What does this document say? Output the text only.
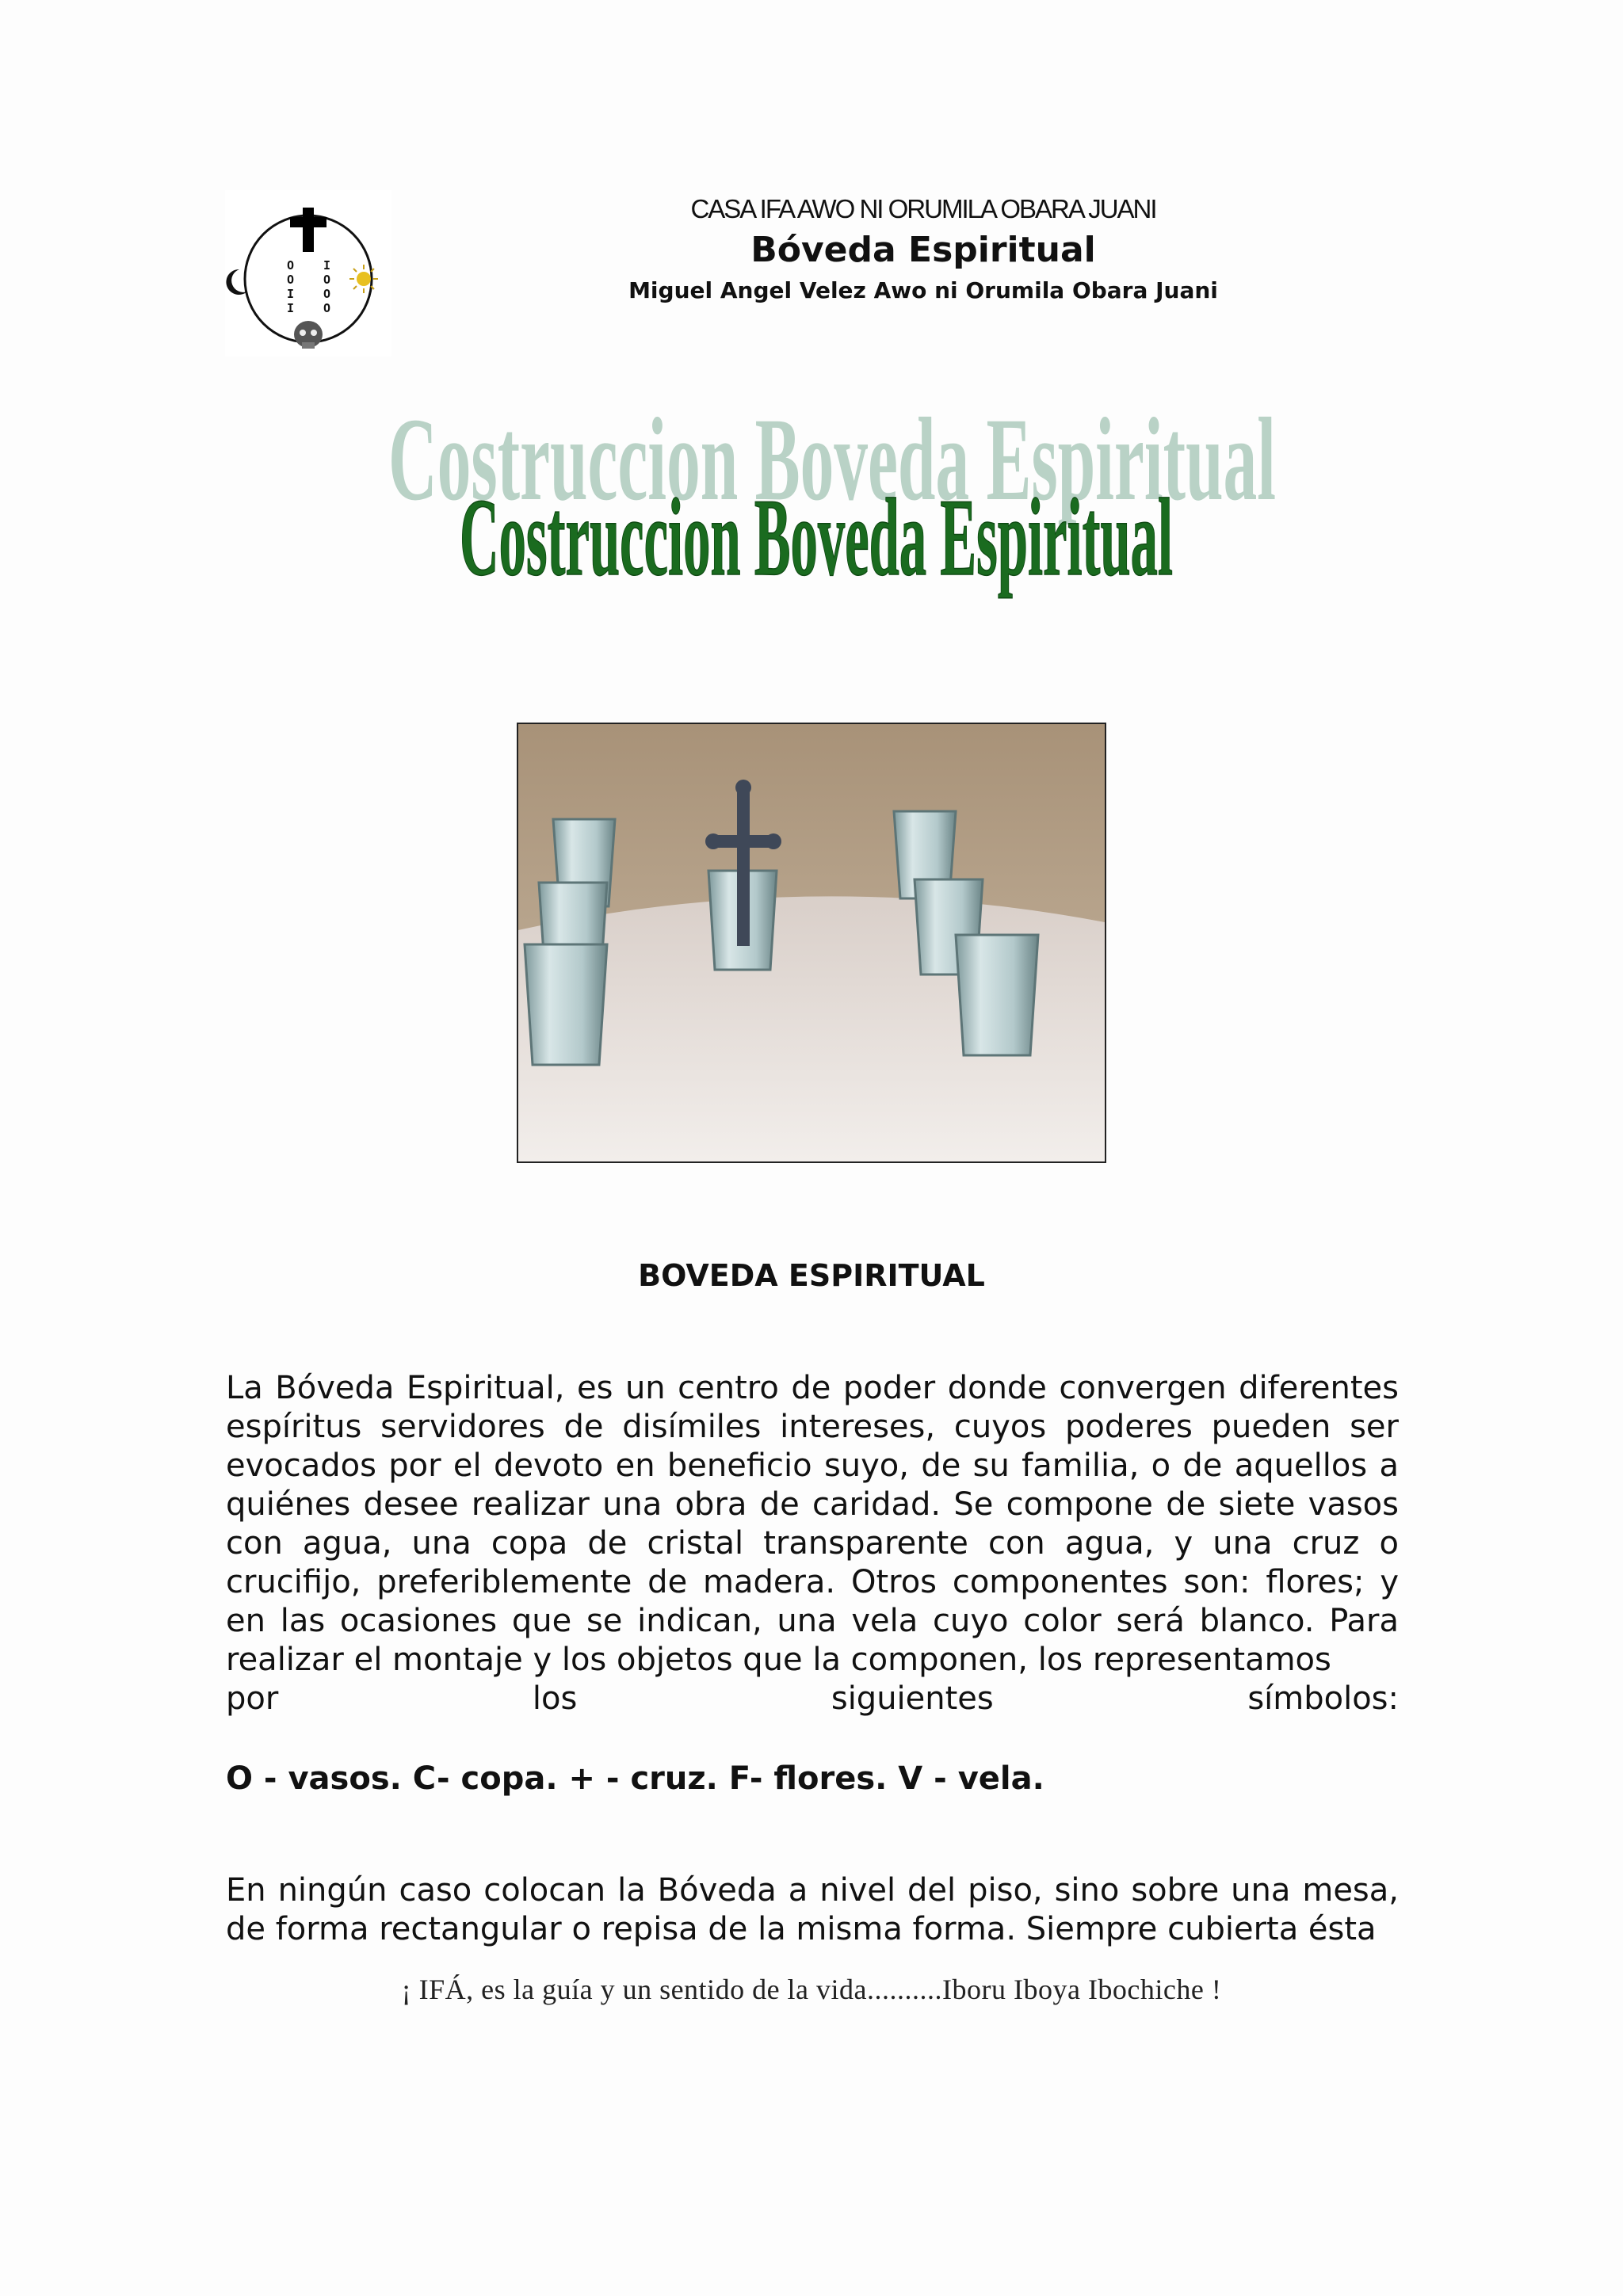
O O I I
I O O O
CASA IFA AWO NI ORUMILA OBARA JUANI
Bóveda Espiritual
Miguel Angel Velez Awo ni Orumila Obara Juani
Costruccion Boveda Espiritual
Costruccion Boveda Espiritual
BOVEDA ESPIRITUAL
La Bóveda Espiritual, es un centro de poder donde convergen diferentes espíritus servidores de disímiles intereses, cuyos poderes pueden ser evocados por el devoto en beneficio suyo, de su familia, o de aquellos a quiénes desee realizar una obra de caridad. Se compone de siete vasos con agua, una copa de cristal transparente con agua, y una cruz o crucifijo, preferiblemente de madera. Otros componentes son: flores; y en las ocasiones que se indican, una vela cuyo color será blanco. Para realizar el montaje y los objetos que la componen, los representamos
por los siguientes símbolos:
O - vasos. C- copa. + - cruz. F- flores. V - vela.
En ningún caso colocan la Bóveda a nivel del piso, sino sobre una mesa, de forma rectangular o repisa de la misma forma. Siempre cubierta ésta
¡ IFÁ, es la guía y un sentido de la vida..........Iboru Iboya Ibochiche !
